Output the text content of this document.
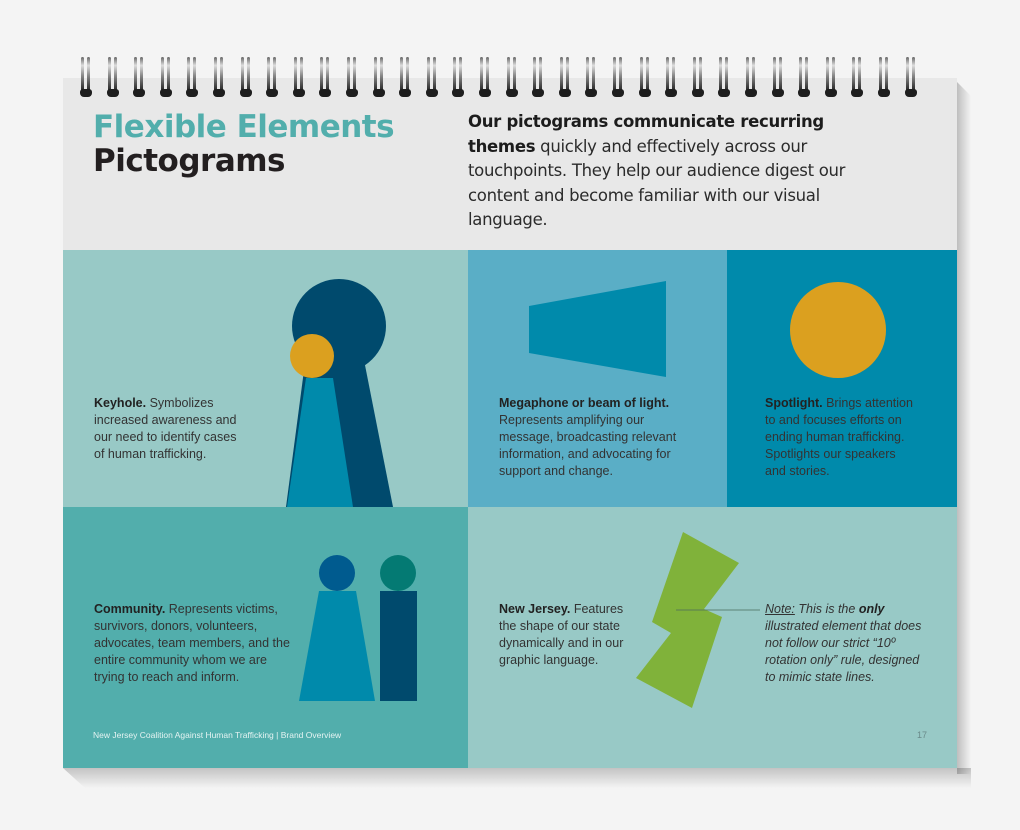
Flexible Elements
Pictograms
Our pictograms communicate recurring themes quickly and effectively across our touchpoints. They help our audience digest our content and become familiar with our visual language.
Keyhole. Symbolizes increased awareness and our need to identify cases of human trafficking.
Megaphone or beam of light. Represents amplifying our message, broadcasting relevant information, and advocating for support and change.
Spotlight. Brings attention to and focuses efforts on ending human trafficking. Spotlights our speakers and stories.
Community. Represents victims, survivors, donors, volunteers, advocates, team members, and the entire community whom we are trying to reach and inform.
New Jersey Coalition Against Human Trafficking | Brand Overview
New Jersey. Features the shape of our state dynamically and in our graphic language.
Note: This is the only illustrated element that does not follow our strict “10º rotation only” rule, designed to mimic state lines.
17
